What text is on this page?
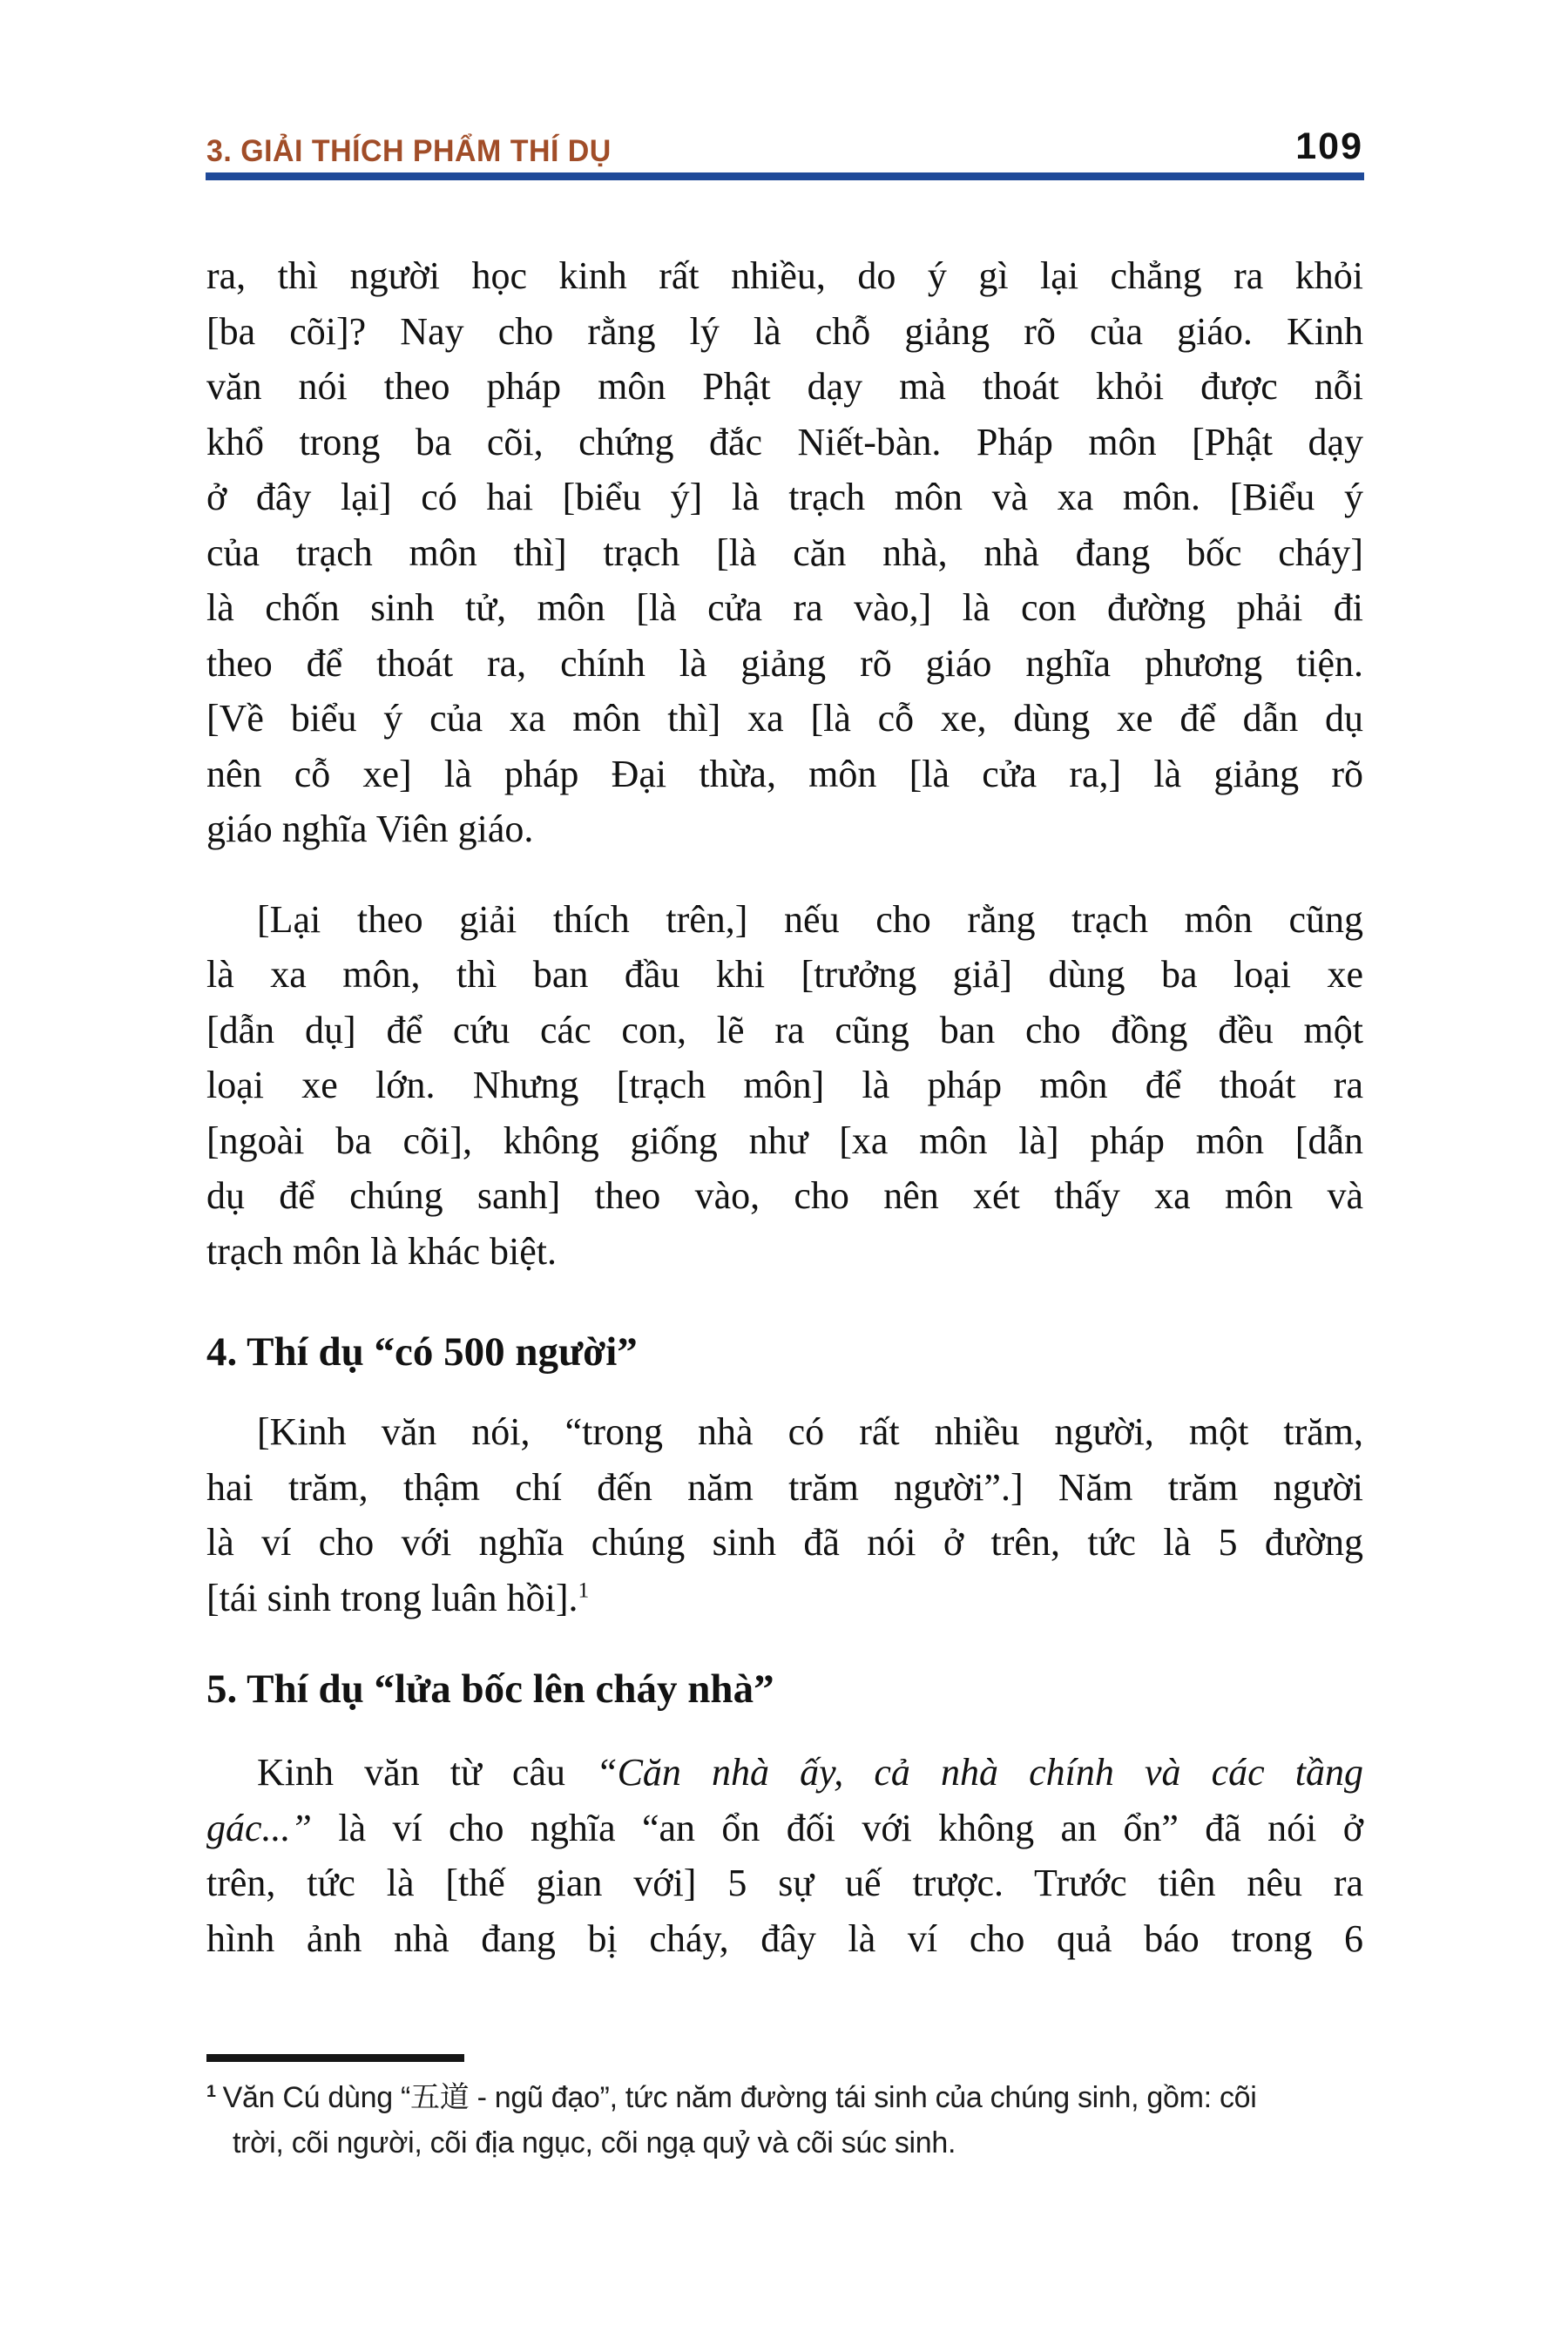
3. GIẢI THÍCH PHẨM THÍ DỤ	109
ra, thì người học kinh rất nhiều, do ý gì lại chẳng ra khỏi
[ba cõi]? Nay cho rằng lý là chỗ giảng rõ của giáo. Kinh
văn nói theo pháp môn Phật dạy mà thoát khỏi được nỗi
khổ trong ba cõi, chứng đắc Niết-bàn. Pháp môn [Phật dạy
ở đây lại] có hai [biểu ý] là trạch môn và xa môn. [Biểu ý
của trạch môn thì] trạch [là căn nhà, nhà đang bốc cháy]
là chốn sinh tử, môn [là cửa ra vào,] là con đường phải đi
theo để thoát ra, chính là giảng rõ giáo nghĩa phương tiện.
[Về biểu ý của xa môn thì] xa [là cỗ xe, dùng xe để dẫn dụ
nên cỗ xe] là pháp Đại thừa, môn [là cửa ra,] là giảng rõ
giáo nghĩa Viên giáo.
[Lại theo giải thích trên,] nếu cho rằng trạch môn cũng
là xa môn, thì ban đầu khi [trưởng giả] dùng ba loại xe
[dẫn dụ] để cứu các con, lẽ ra cũng ban cho đồng đều một
loại xe lớn. Nhưng [trạch môn] là pháp môn để thoát ra
[ngoài ba cõi], không giống như [xa môn là] pháp môn [dẫn
dụ để chúng sanh] theo vào, cho nên xét thấy xa môn và
trạch môn là khác biệt.
4. Thí dụ “có 500 người”
[Kinh văn nói, “trong nhà có rất nhiều người, một trăm,
hai trăm, thậm chí đến năm trăm người”.] Năm trăm người
là ví cho với nghĩa chúng sinh đã nói ở trên, tức là 5 đường
[tái sinh trong luân hồi].$^1$
5. Thí dụ “lửa bốc lên cháy nhà”
Kinh văn từ câu “Căn nhà ấy, cả nhà chính và các tầng
gác...” là ví cho nghĩa “an ổn đối với không an ổn” đã nói ở
trên, tức là [thế gian với] 5 sự uế trược. Trước tiên nêu ra
hình ảnh nhà đang bị cháy, đây là ví cho quả báo trong 6
$^1$ Văn Cú dùng “五道 - ngũ đạo”, tức năm đường tái sinh của chúng sinh, gồm: cõi
trời, cõi người, cõi địa ngục, cõi ngạ quỷ và cõi súc sinh.
